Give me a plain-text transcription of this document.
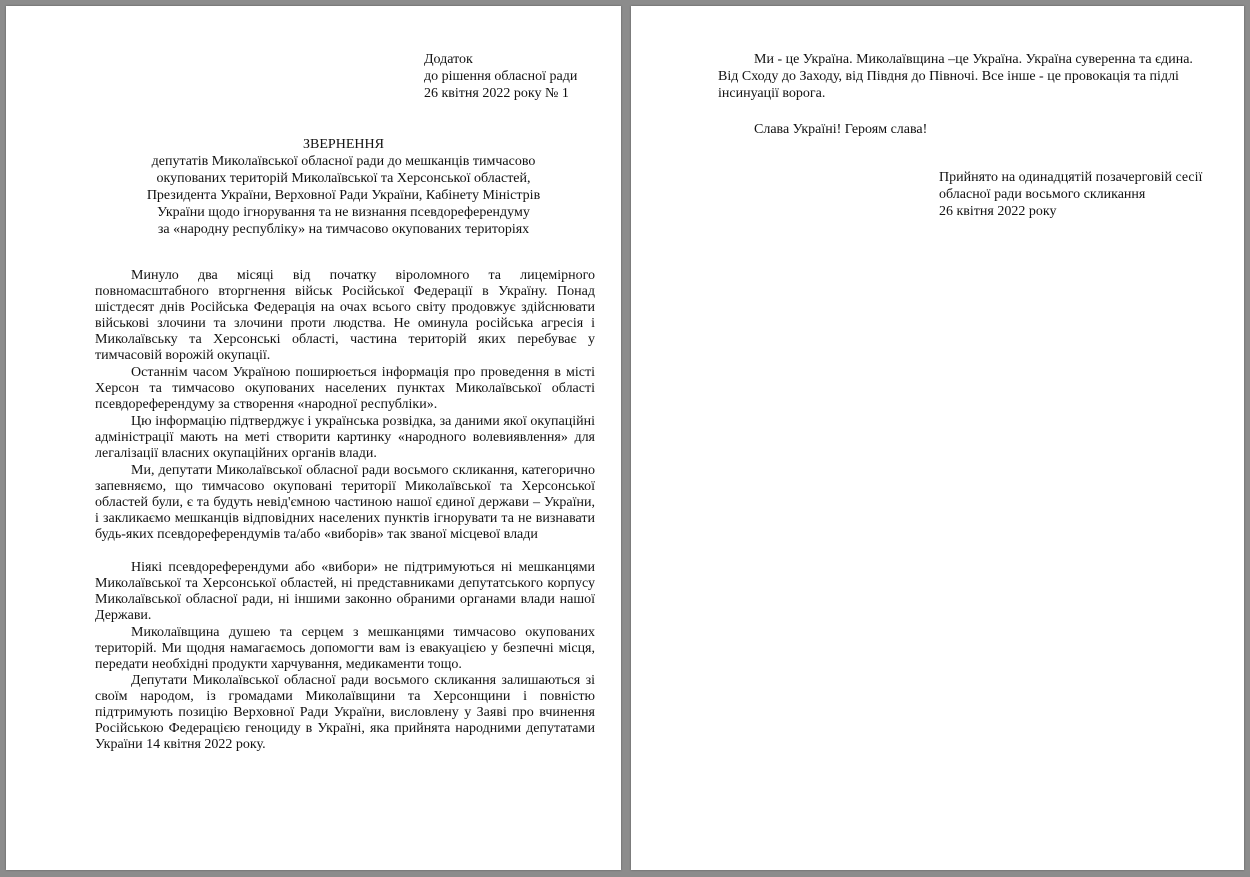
Додаток

до рішення обласної ради

26 квітня 2022 року № 1

ЗВЕРНЕННЯ

депутатів Миколаївської обласної ради до мешканців тимчасово

окупованих територій Миколаївської та Херсонської областей,

Президента України, Верховної Ради України, Кабінету Міністрів

України щодо ігнорування та не визнання псевдореферендуму

за «народну республіку» на тимчасово окупованих територіях

Минуло два місяці від початку віроломного та лицемірного повномасштабного вторгнення військ Російської Федерації в Україну. Понад шістдесят днів Російська Федерація на очах всього світу продовжує здійснювати військові злочини та злочини проти людства. Не оминула російська агресія і Миколаївську та Херсонські області, частина територій яких перебуває у тимчасовій ворожій окупації.

Останнім часом Україною поширюється інформація про проведення в місті Херсон та тимчасово окупованих населених пунктах Миколаївської області псевдореферендуму за створення «народної республіки».

Цю інформацію підтверджує і українська розвідка, за даними якої окупаційні адміністрації мають на меті створити картинку «народного волевиявлення» для легалізації власних окупаційних органів влади.

Ми, депутати Миколаївської обласної ради восьмого скликання, категорично запевняємо, що тимчасово окуповані території Миколаївської та Херсонської областей були, є та будуть невід'ємною частиною нашої єдиної держави – України, і закликаємо мешканців відповідних населених пунктів ігнорувати та не визнавати будь-яких псевдореферендумів та/або «виборів» так званої місцевої влади

Ніякі псевдореферендуми або «вибори» не підтримуються ні мешканцями Миколаївської та Херсонської областей, ні представниками депутатського корпусу Миколаївської обласної ради, ні іншими законно обраними органами влади нашої Держави.

Миколаївщина душею та серцем з мешканцями тимчасово окупованих територій. Ми щодня намагаємось допомогти вам із евакуацією у безпечні місця, передати необхідні продукти харчування, медикаменти тощо.

Депутати Миколаївської обласної ради восьмого скликання залишаються зі своїм народом, із громадами Миколаївщини та Херсонщини і повністю підтримують позицію Верховної Ради України, висловлену у Заяві про вчинення Російською Федерацією геноциду в Україні, яка прийнята народними депутатами України 14 квітня 2022 року.

Ми - це Україна. Миколаївщина –це Україна. Україна суверенна та єдина.

Від Сходу до Заходу, від Півдня до Півночі. Все інше - це провокація та підлі

інсинуації ворога.

Слава Україні! Героям слава!

Прийнято на одинадцятій позачерговій сесії

обласної ради восьмого скликання

26 квітня 2022 року
